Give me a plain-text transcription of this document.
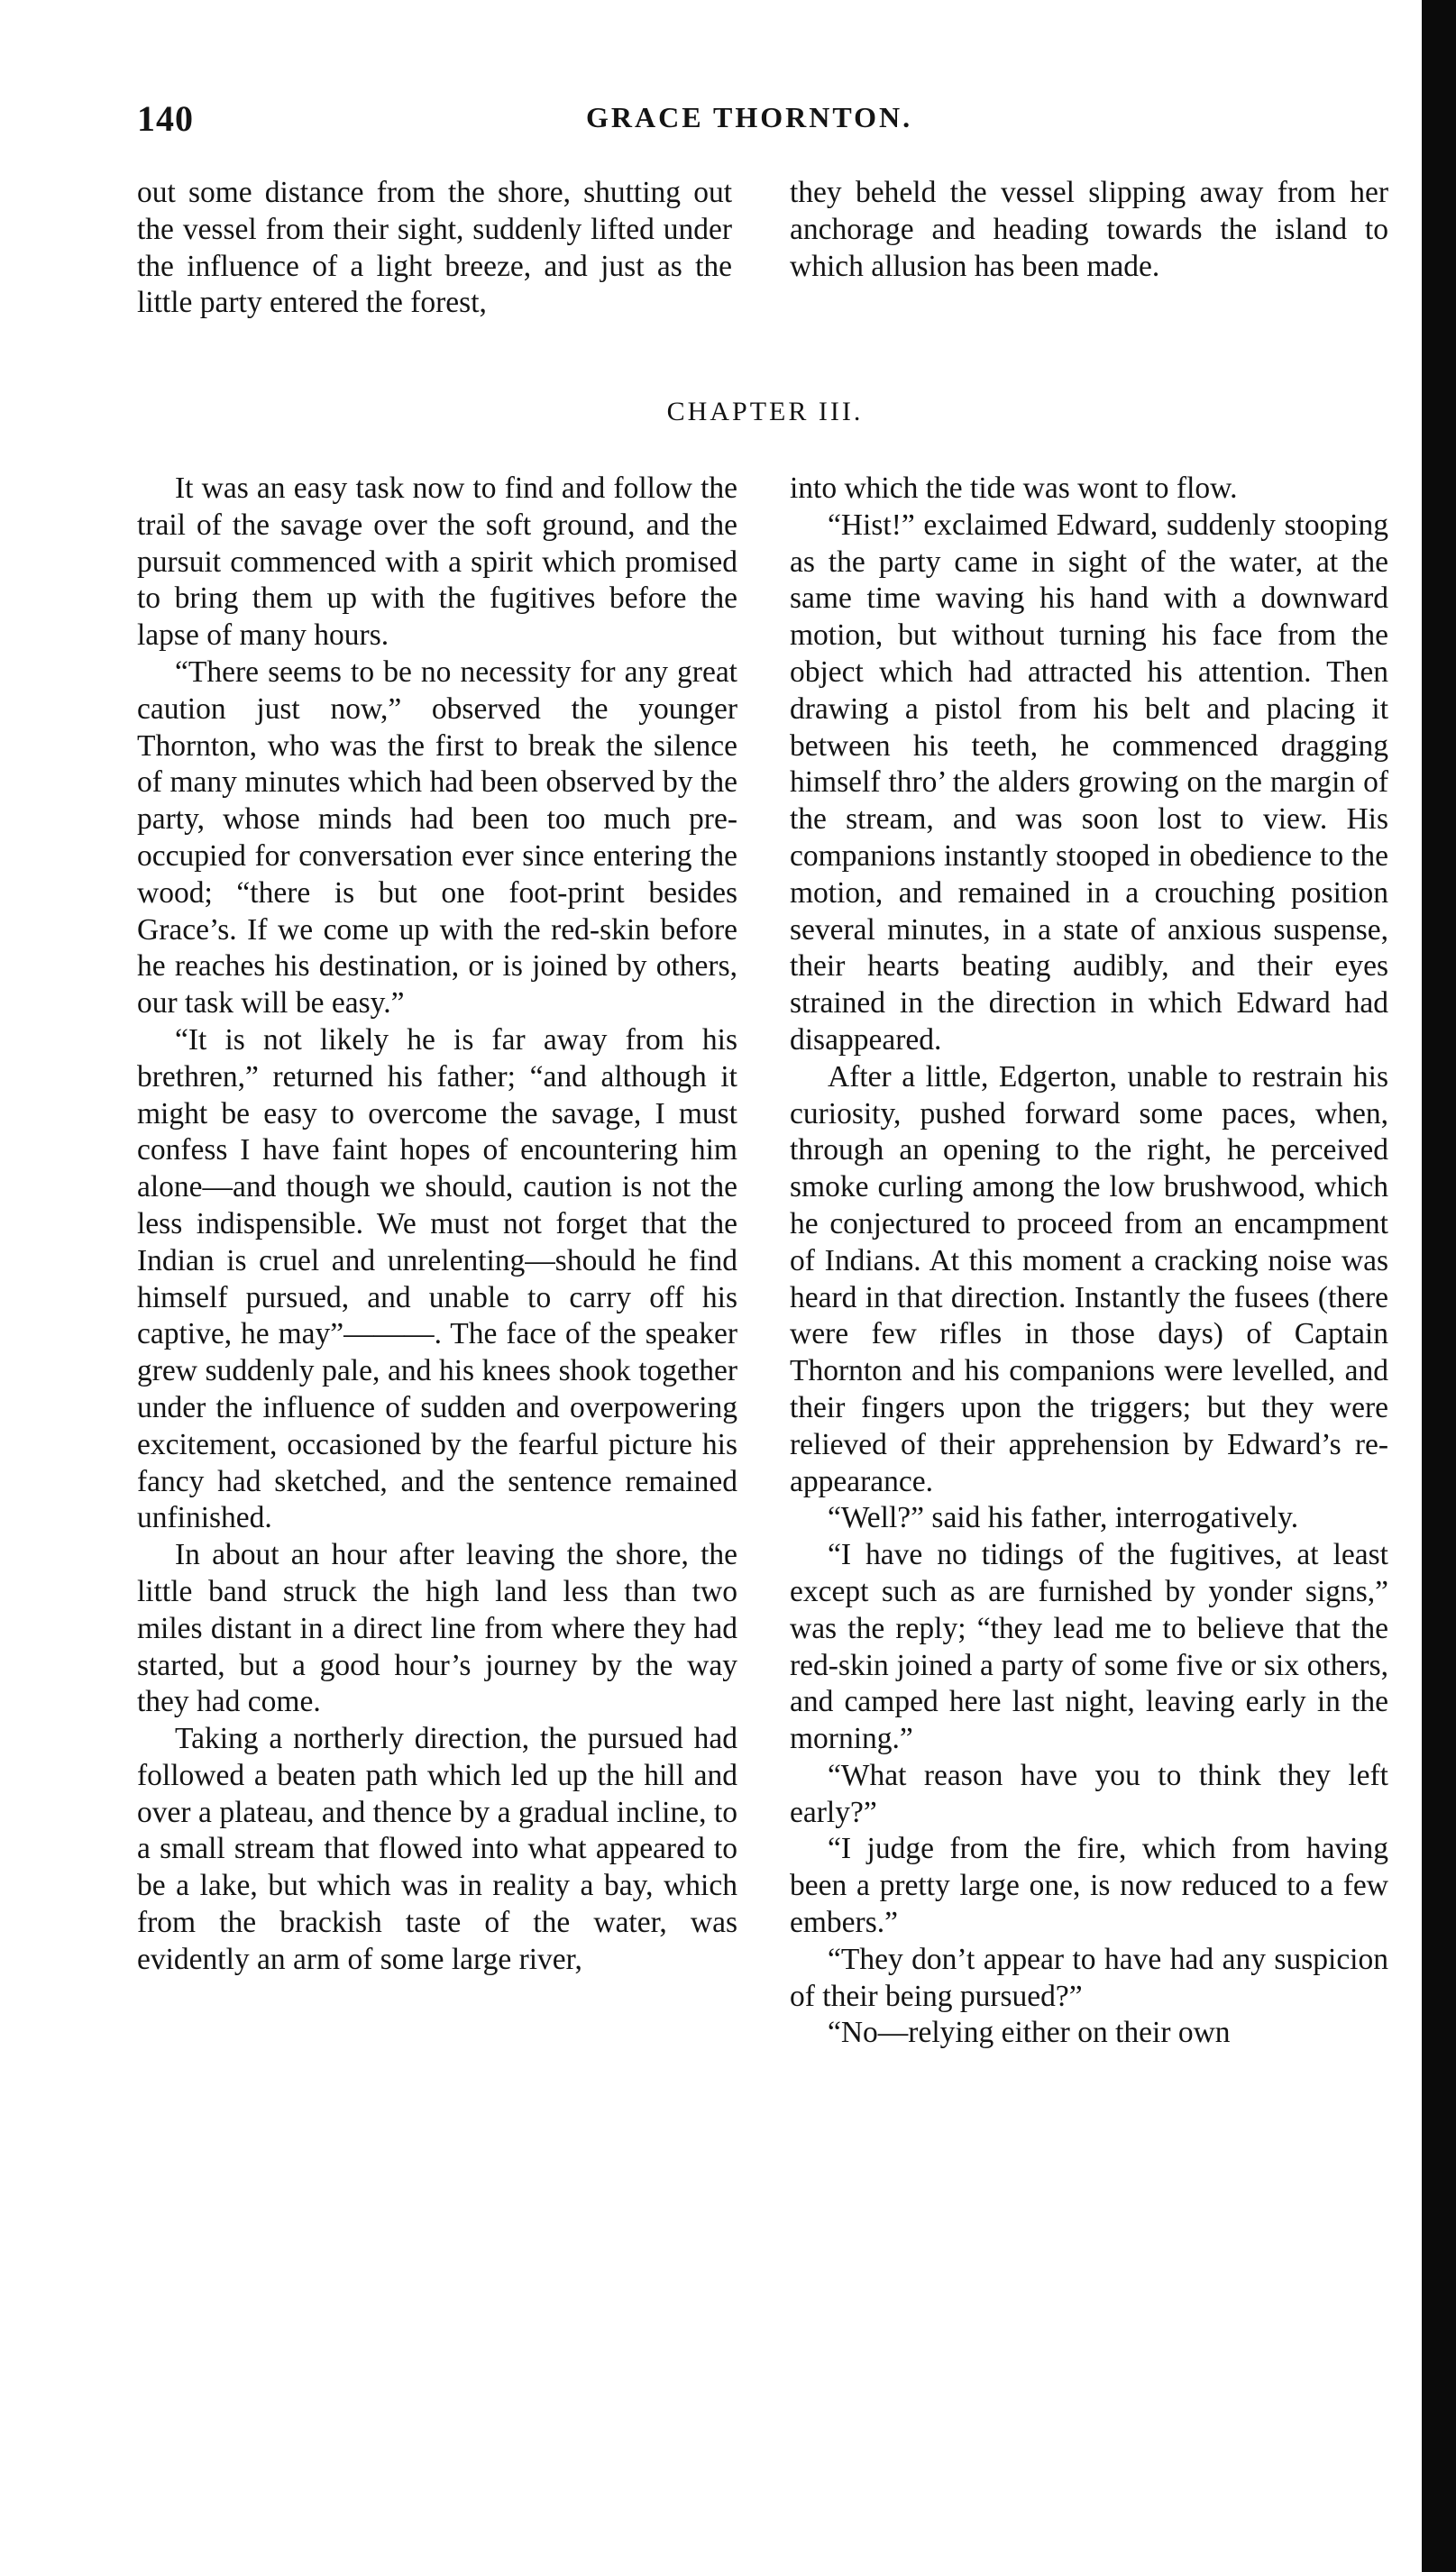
140	GRACE THORNTON.

out some distance from the shore, shutting out the vessel from their sight, suddenly lifted under the influence of a light breeze, and just as the little party entered the forest,

they beheld the vessel slipping away from her anchorage and heading towards the island to which allusion has been made.

CHAPTER III.

It was an easy task now to find and follow the trail of the savage over the soft ground, and the pursuit commenced with a spirit which promised to bring them up with the fugitives before the lapse of many hours.

“There seems to be no necessity for any great caution just now,” observed the younger Thornton, who was the first to break the silence of many minutes which had been observed by the party, whose minds had been too much pre-occupied for conversation ever since entering the wood; “there is but one foot-print besides Grace’s. If we come up with the red-skin before he reaches his destination, or is joined by others, our task will be easy.”

“It is not likely he is far away from his brethren,” returned his father; “and although it might be easy to overcome the savage, I must confess I have faint hopes of encountering him alone—and though we should, caution is not the less indispensible. We must not forget that the Indian is cruel and unrelenting—should he find himself pursued, and unable to carry off his captive, he may”———. The face of the speaker grew suddenly pale, and his knees shook together under the influence of sudden and overpowering excitement, occasioned by the fearful picture his fancy had sketched, and the sentence remained unfinished.

In about an hour after leaving the shore, the little band struck the high land less than two miles distant in a direct line from where they had started, but a good hour’s journey by the way they had come.

Taking a northerly direction, the pursued had followed a beaten path which led up the hill and over a plateau, and thence by a gradual incline, to a small stream that flowed into what appeared to be a lake, but which was in reality a bay, which from the brackish taste of the water, was evidently an arm of some large river,

into which the tide was wont to flow.

“Hist!” exclaimed Edward, suddenly stooping as the party came in sight of the water, at the same time waving his hand with a downward motion, but without turning his face from the object which had attracted his attention. Then drawing a pistol from his belt and placing it between his teeth, he commenced dragging himself thro’ the alders growing on the margin of the stream, and was soon lost to view. His companions instantly stooped in obedience to the motion, and remained in a crouching position several minutes, in a state of anxious suspense, their hearts beating audibly, and their eyes strained in the direction in which Edward had disappeared.

After a little, Edgerton, unable to restrain his curiosity, pushed forward some paces, when, through an opening to the right, he perceived smoke curling among the low brushwood, which he conjectured to proceed from an encampment of Indians. At this moment a cracking noise was heard in that direction. Instantly the fusees (there were few rifles in those days) of Captain Thornton and his companions were levelled, and their fingers upon the triggers; but they were relieved of their apprehension by Edward’s re-appearance.

“Well?” said his father, interrogatively.

“I have no tidings of the fugitives, at least except such as are furnished by yonder signs,” was the reply; “they lead me to believe that the red-skin joined a party of some five or six others, and camped here last night, leaving early in the morning.”

“What reason have you to think they left early?”

“I judge from the fire, which from having been a pretty large one, is now reduced to a few embers.”

“They don’t appear to have had any suspicion of their being pursued?”

“No—relying either on their own
